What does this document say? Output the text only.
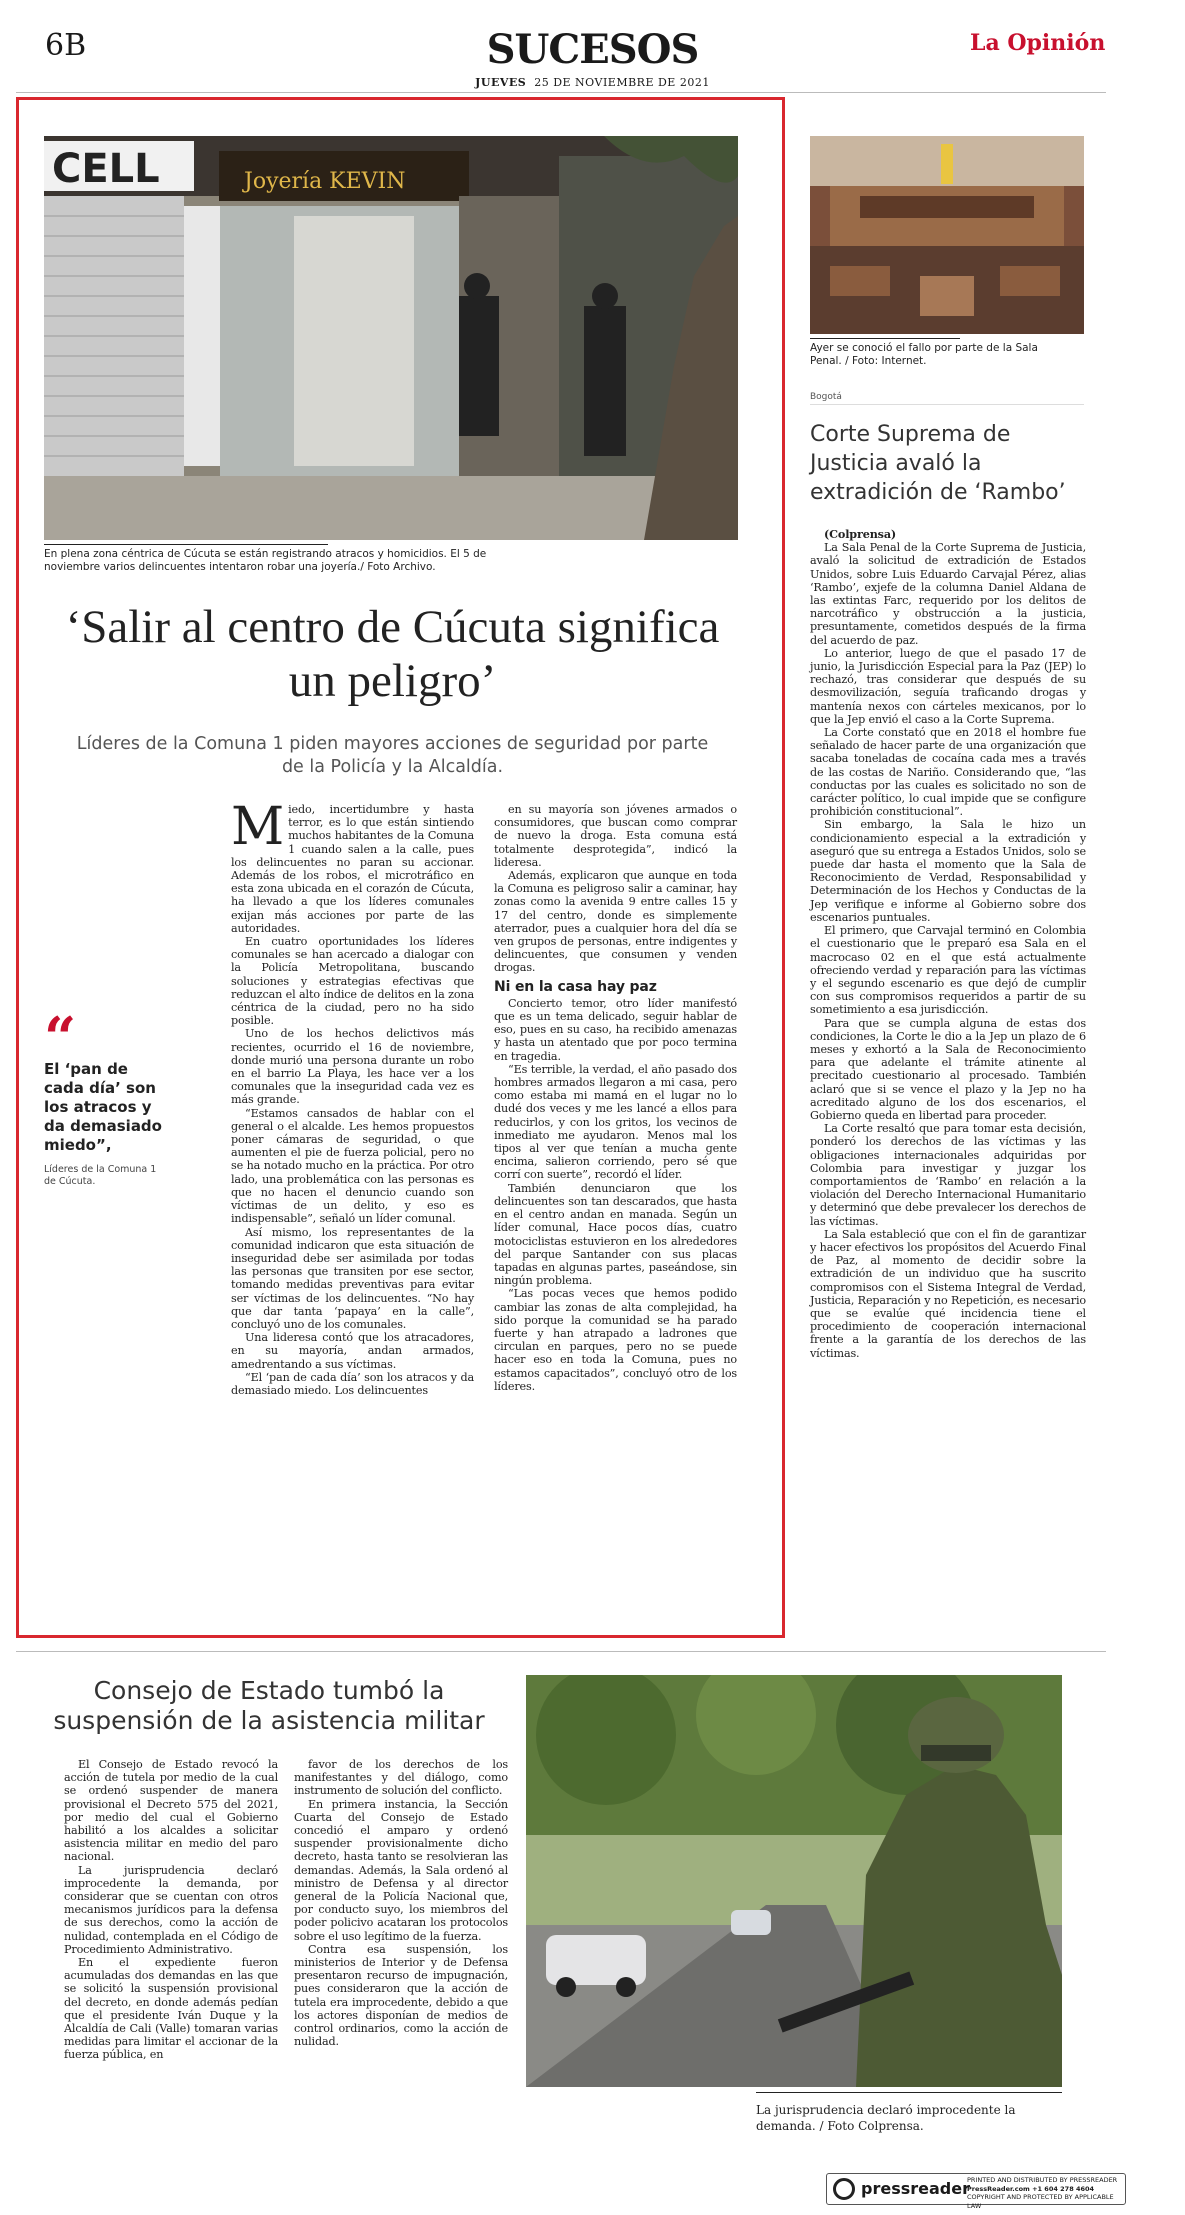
6B	SUCESOS
JUEVES 25 DE NOVIEMBRE DE 2021
La Opinión
CELL	Joyería KEVIN
En plena zona céntrica de Cúcuta se están registrando atracos y homicidios. El 5 de noviembre varios delincuentes intentaron robar una joyería./ Foto Archivo.
‘Salir al centro de Cúcuta significa un peligro’
Líderes de la Comuna 1 piden mayores acciones de seguridad por parte de la Policía y la Alcaldía.
“
El ‘pan de cada día’ son los atracos y da demasiado miedo”,
Líderes de la Comuna 1 de Cúcuta.

Miedo, incertidumbre y hasta terror, es lo que están sintiendo muchos habitantes de la Comuna 1 cuando salen a la calle, pues los delincuentes no paran su accionar. Además de los robos, el microtráfico en esta zona ubicada en el corazón de Cúcuta, ha llevado a que los líderes comunales exijan más acciones por parte de las autoridades.

En cuatro oportunidades los líderes comunales se han acercado a dialogar con la Policía Metropolitana, buscando soluciones y estrategias efectivas que reduzcan el alto índice de delitos en la zona céntrica de la ciudad, pero no ha sido posible.

Uno de los hechos delictivos más recientes, ocurrido el 16 de noviembre, donde murió una persona durante un robo en el barrio La Playa, les hace ver a los comunales que la inseguridad cada vez es más grande.

“Estamos cansados de hablar con el general o el alcalde. Les hemos propuestos poner cámaras de seguridad, o que aumenten el pie de fuerza policial, pero no se ha notado mucho en la práctica. Por otro lado, una problemática con las personas es que no hacen el denuncio cuando son víctimas de un delito, y eso es indispensable”, señaló un líder comunal.

Así mismo, los representantes de la comunidad indicaron que esta situación de inseguridad debe ser asimilada por todas las personas que transiten por ese sector, tomando medidas preventivas para evitar ser víctimas de los delincuentes. “No hay que dar tanta ‘papaya’ en la calle”, concluyó uno de los comunales.

Una lideresa contó que los atracadores, en su mayoría, andan armados, amedrentando a sus víctimas.

“El ‘pan de cada día’ son los atracos y da demasiado miedo. Los delincuentes

en su mayoría son jóvenes armados o consumidores, que buscan como comprar de nuevo la droga. Esta comuna está totalmente desprotegida”, indicó la lideresa.

Además, explicaron que aunque en toda la Comuna es peligroso salir a caminar, hay zonas como la avenida 9 entre calles 15 y 17 del centro, donde es simplemente aterrador, pues a cualquier hora del día se ven grupos de personas, entre indigentes y delincuentes, que consumen y venden drogas.

Ni en la casa hay paz

Concierto temor, otro líder manifestó que es un tema delicado, seguir hablar de eso, pues en su caso, ha recibido amenazas y hasta un atentado que por poco termina en tragedia.

“Es terrible, la verdad, el año pasado dos hombres armados llegaron a mi casa, pero como estaba mi mamá en el lugar no lo dudé dos veces y me les lancé a ellos para reducirlos, y con los gritos, los vecinos de inmediato me ayudaron. Menos mal los tipos al ver que tenían a mucha gente encima, salieron corriendo, pero sé que corrí con suerte”, recordó el líder.

También denunciaron que los delincuentes son tan descarados, que hasta en el centro andan en manada. Según un líder comunal, Hace pocos días, cuatro motociclistas estuvieron en los alrededores del parque Santander con sus placas tapadas en algunas partes, paseándose, sin ningún problema.

“Las pocas veces que hemos podido cambiar las zonas de alta complejidad, ha sido porque la comunidad se ha parado fuerte y han atrapado a ladrones que circulan en parques, pero no se puede hacer eso en toda la Comuna, pues no estamos capacitados”, concluyó otro de los líderes.

Ayer se conoció el fallo por parte de la Sala Penal. / Foto: Internet.
Bogotá
Corte Suprema de Justicia avaló la extradición de ‘Rambo’
(Colprensa)

La Sala Penal de la Corte Suprema de Justicia, avaló la solicitud de extradición de Estados Unidos, sobre Luis Eduardo Carvajal Pérez, alias ‘Rambo’, exjefe de la columna Daniel Aldana de las extintas Farc, requerido por los delitos de narcotráfico y obstrucción a la justicia, presuntamente, cometidos después de la firma del acuerdo de paz.

Lo anterior, luego de que el pasado 17 de junio, la Jurisdicción Especial para la Paz (JEP) lo rechazó, tras considerar que después de su desmovilización, seguía traficando drogas y mantenía nexos con cárteles mexicanos, por lo que la Jep envió el caso a la Corte Suprema.

La Corte constató que en 2018 el hombre fue señalado de hacer parte de una organización que sacaba toneladas de cocaína cada mes a través de las costas de Nariño. Considerando que, “las conductas por las cuales es solicitado no son de carácter político, lo cual impide que se configure prohibición constitucional”.

Sin embargo, la Sala le hizo un condicionamiento especial a la extradición y aseguró que su entrega a Estados Unidos, solo se puede dar hasta el momento que la Sala de Reconocimiento de Verdad, Responsabilidad y Determinación de los Hechos y Conductas de la Jep verifique e informe al Gobierno sobre dos escenarios puntuales.

El primero, que Carvajal terminó en Colombia el cuestionario que le preparó esa Sala en el macrocaso 02 en el que está actualmente ofreciendo verdad y reparación para las víctimas y el segundo escenario es que dejó de cumplir con sus compromisos requeridos a partir de su sometimiento a esa jurisdicción.

Para que se cumpla alguna de estas dos condiciones, la Corte le dio a la Jep un plazo de 6 meses y exhortó a la Sala de Reconocimiento para que adelante el trámite atinente al precitado cuestionario al procesado. También aclaró que si se vence el plazo y la Jep no ha acreditado alguno de los dos escenarios, el Gobierno queda en libertad para proceder.

La Corte resaltó que para tomar esta decisión, ponderó los derechos de las víctimas y las obligaciones internacionales adquiridas por Colombia para investigar y juzgar los comportamientos de ‘Rambo’ en relación a la violación del Derecho Internacional Humanitario y determinó que debe prevalecer los derechos de las víctimas.

La Sala estableció que con el fin de garantizar y hacer efectivos los propósitos del Acuerdo Final de Paz, al momento de decidir sobre la extradición de un individuo que ha suscrito compromisos con el Sistema Integral de Verdad, Justicia, Reparación y no Repetición, es necesario que se evalúe qué incidencia tiene el procedimiento de cooperación internacional frente a la garantía de los derechos de las víctimas.

Consejo de Estado tumbó la suspensión de la asistencia militar

El Consejo de Estado revocó la acción de tutela por medio de la cual se ordenó suspender de manera provisional el Decreto 575 del 2021, por medio del cual el Gobierno habilitó a los alcaldes a solicitar asistencia militar en medio del paro nacional.

La jurisprudencia declaró improcedente la demanda, por considerar que se cuentan con otros mecanismos jurídicos para la defensa de sus derechos, como la acción de nulidad, contemplada en el Código de Procedimiento Administrativo.

En el expediente fueron acumuladas dos demandas en las que se solicitó la suspensión provisional del decreto, en donde además pedían que el presidente Iván Duque y la Alcaldía de Cali (Valle) tomaran varias medidas para limitar el accionar de la fuerza pública, en

favor de los derechos de los manifestantes y del diálogo, como instrumento de solución del conflicto.

En primera instancia, la Sección Cuarta del Consejo de Estado concedió el amparo y ordenó suspender provisionalmente dicho decreto, hasta tanto se resolvieran las demandas. Además, la Sala ordenó al ministro de Defensa y al director general de la Policía Nacional que, por conducto suyo, los miembros del poder policivo acataran los protocolos sobre el uso legítimo de la fuerza.

Contra esa suspensión, los ministerios de Interior y de Defensa presentaron recurso de impugnación, pues consideraron que la acción de tutela era improcedente, debido a que los actores disponían de medios de control ordinarios, como la acción de nulidad.

La jurisprudencia declaró improcedente la demanda. / Foto Colprensa.
pressreader
PRINTED AND DISTRIBUTED BY PRESSREADER
PressReader.com +1 604 278 4604
COPYRIGHT AND PROTECTED BY APPLICABLE LAW
